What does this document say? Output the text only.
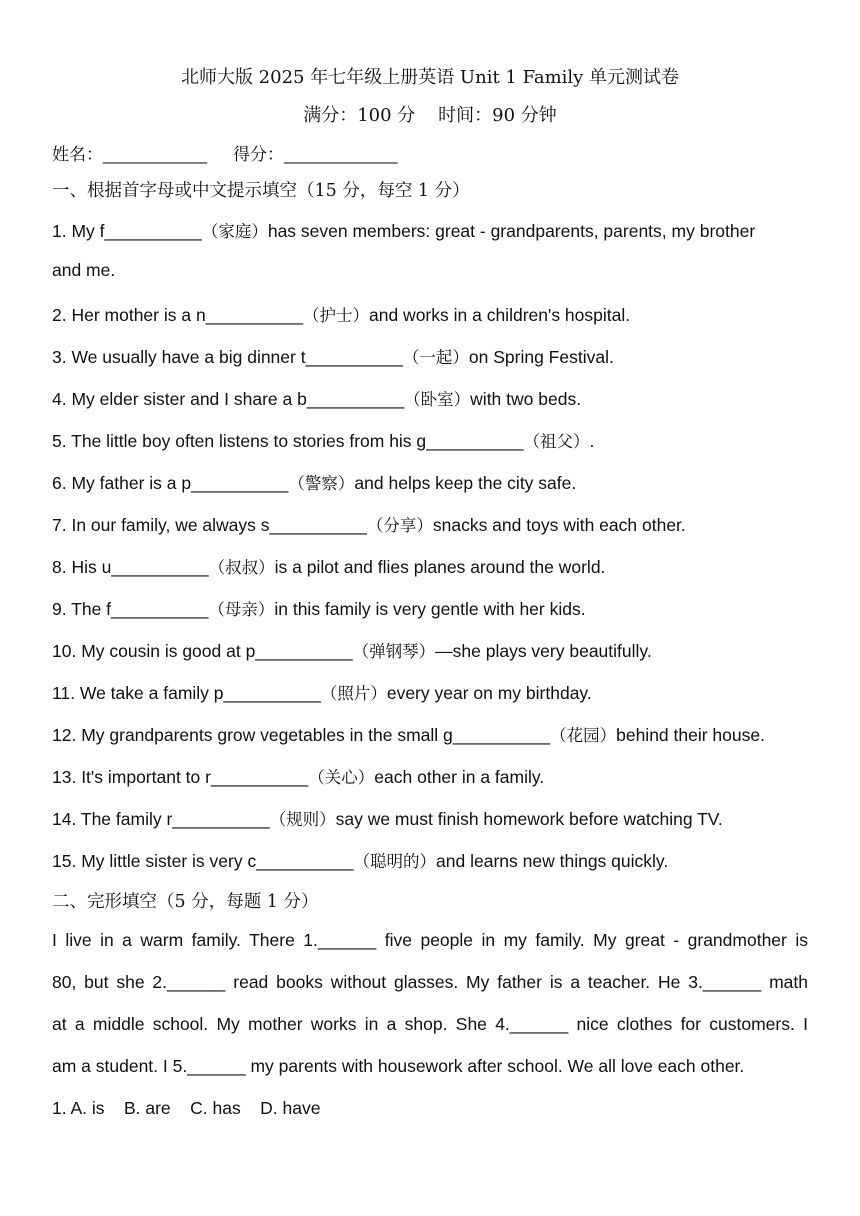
北师大版 2025 年七年级上册英语 Unit 1 Family 单元测试卷
满分：100 分    时间：90 分钟
姓名：___________ 得分：____________
一、根据首字母或中文提示填空（15 分，每空 1 分）
1. My f__________（家庭）has seven members: great - grandparents, parents, my brother
and me.
2. Her mother is a n__________（护士）and works in a children's hospital.
3. We usually have a big dinner t__________（一起）on Spring Festival.
4. My elder sister and I share a b__________（卧室）with two beds.
5. The little boy often listens to stories from his g__________（祖父）.
6. My father is a p__________（警察）and helps keep the city safe.
7. In our family, we always s__________（分享）snacks and toys with each other.
8. His u__________（叔叔）is a pilot and flies planes around the world.
9. The f__________（母亲）in this family is very gentle with her kids.
10. My cousin is good at p__________（弹钢琴）—she plays very beautifully.
11. We take a family p__________（照片）every year on my birthday.
12. My grandparents grow vegetables in the small g__________（花园）behind their house.
13. It's important to r__________（关心）each other in a family.
14. The family r__________（规则）say we must finish homework before watching TV.
15. My little sister is very c__________（聪明的）and learns new things quickly.
二、完形填空（5 分，每题 1 分）
I live in a warm family. There 1.______ five people in my family. My great - grandmother is
80, but she 2.______ read books without glasses. My father is a teacher. He 3.______ math
at a middle school. My mother works in a shop. She 4.______ nice clothes for customers. I
am a student. I 5.______ my parents with housework after school. We all love each other.
1. A. is    B. are    C. has    D. have
